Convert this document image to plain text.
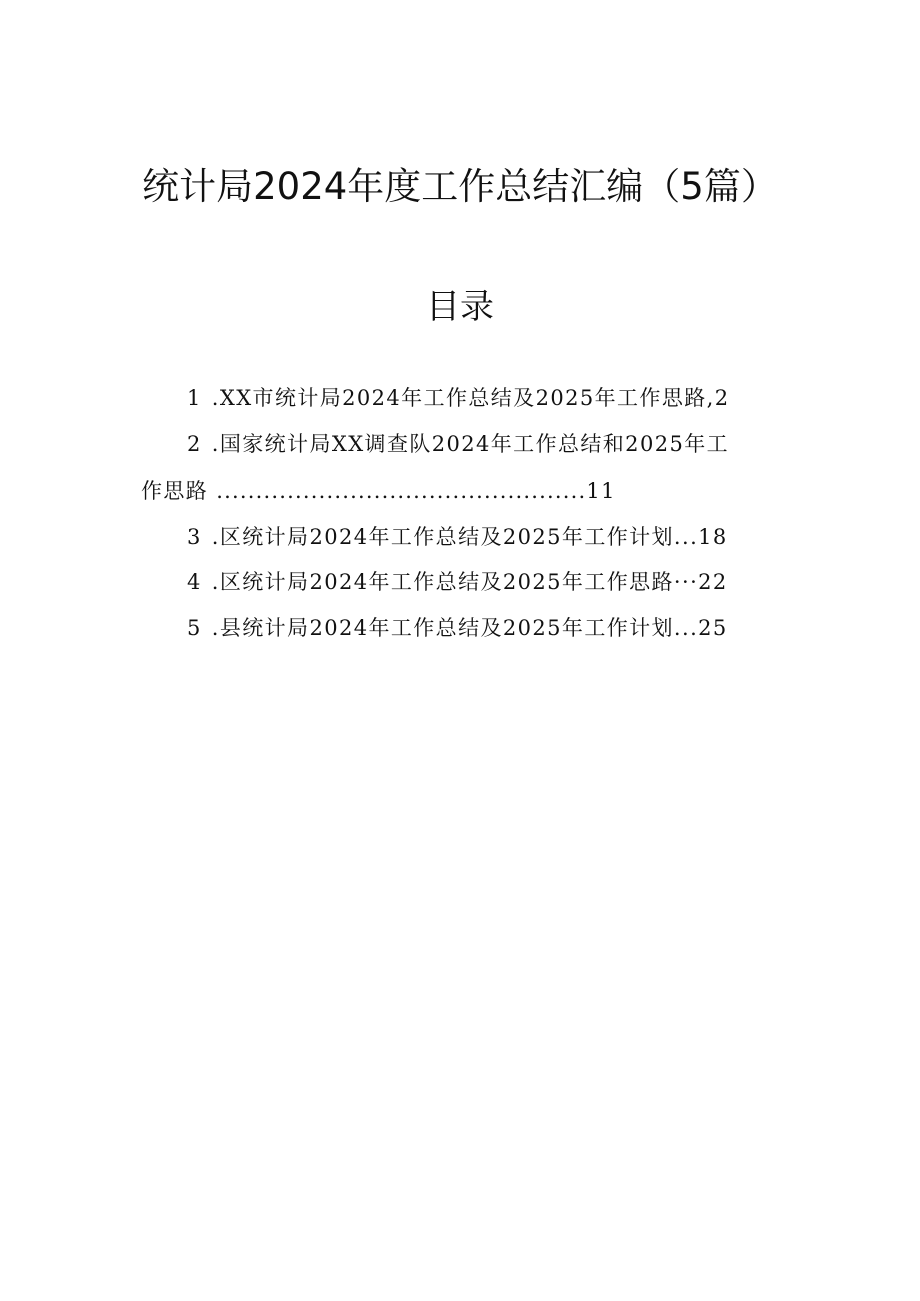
统计局2024年度工作总结汇编（5篇）
目录
1 .XX市统计局2024年工作总结及2025年工作思路,2
2 .国家统计局XX调查队2024年工作总结和2025年工
作思路 ...............................................11
3 .区统计局2024年工作总结及2025年工作计划...18
4 .区统计局2024年工作总结及2025年工作思路···22
5 .县统计局2024年工作总结及2025年工作计划...25
